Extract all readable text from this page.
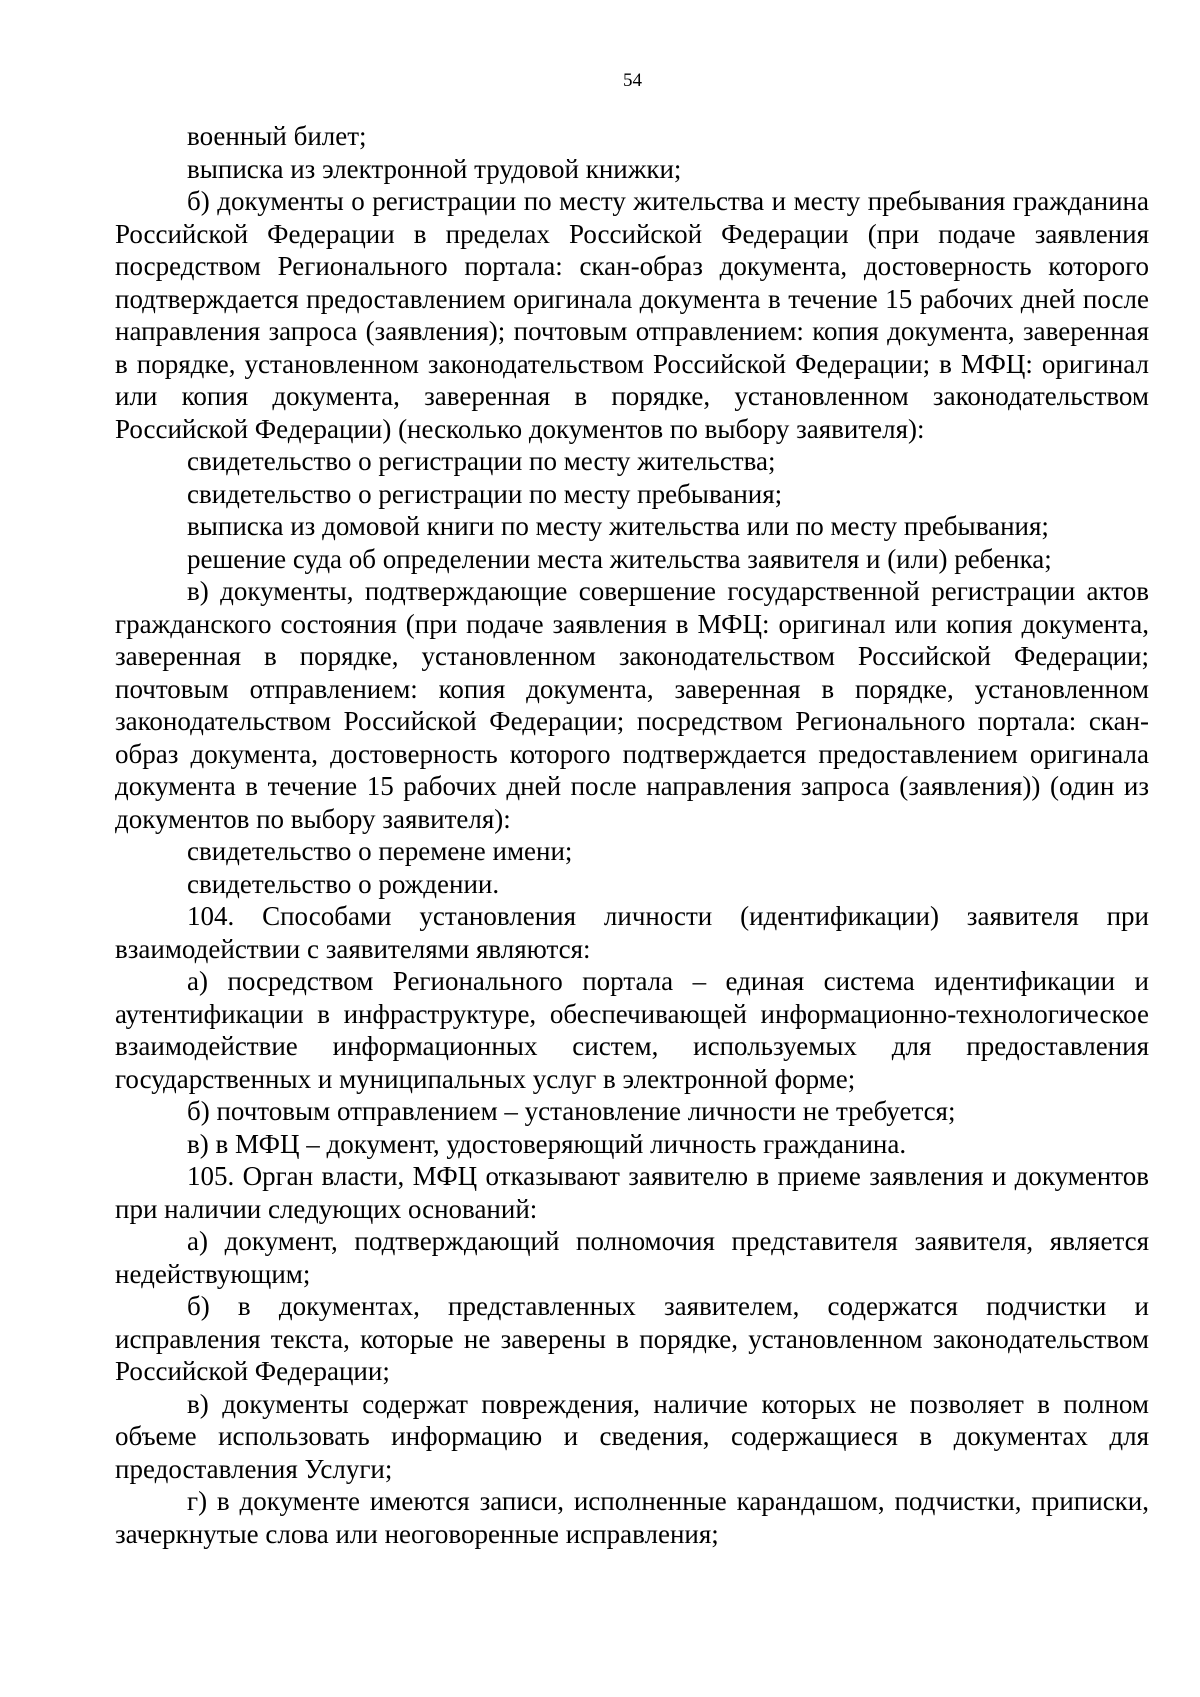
54

военный билет;

выписка из электронной трудовой книжки;

б) документы о регистрации по месту жительства и месту пребывания гражданина Российской Федерации в пределах Российской Федерации (при подаче заявления посредством Регионального портала: скан-образ документа, достоверность которого подтверждается предоставлением оригинала документа в течение 15 рабочих дней после направления запроса (заявления); почтовым отправлением: копия документа, заверенная в порядке, установленном законодательством Российской Федерации; в МФЦ: оригинал или копия документа, заверенная в порядке, установленном законодательством Российской Федерации) (несколько документов по выбору заявителя):

свидетельство о регистрации по месту жительства;

свидетельство о регистрации по месту пребывания;

выписка из домовой книги по месту жительства или по месту пребывания;

решение суда об определении места жительства заявителя и (или) ребенка;

в) документы, подтверждающие совершение государственной регистрации актов гражданского состояния (при подаче заявления в МФЦ: оригинал или копия документа, заверенная в порядке, установленном законодательством Российской Федерации; почтовым отправлением: копия документа, заверенная в порядке, установленном законодательством Российской Федерации; посредством Регионального портала: скан-образ документа, достоверность которого подтверждается предоставлением оригинала документа в течение 15 рабочих дней после направления запроса (заявления)) (один из документов по выбору заявителя):

свидетельство о перемене имени;

свидетельство о рождении.

104. Способами установления личности (идентификации) заявителя при взаимодействии с заявителями являются:

а) посредством Регионального портала – единая система идентификации и аутентификации в инфраструктуре, обеспечивающей информационно-технологическое взаимодействие информационных систем, используемых для предоставления государственных и муниципальных услуг в электронной форме;

б) почтовым отправлением – установление личности не требуется;

в) в МФЦ – документ, удостоверяющий личность гражданина.

105. Орган власти, МФЦ отказывают заявителю в приеме заявления и документов при наличии следующих оснований:

а) документ, подтверждающий полномочия представителя заявителя, является недействующим;

б) в документах, представленных заявителем, содержатся подчистки и исправления текста, которые не заверены в порядке, установленном законодательством Российской Федерации;

в) документы содержат повреждения, наличие которых не позволяет в полном объеме использовать информацию и сведения, содержащиеся в документах для предоставления Услуги;

г) в документе имеются записи, исполненные карандашом, подчистки, приписки, зачеркнутые слова или неоговоренные исправления;
